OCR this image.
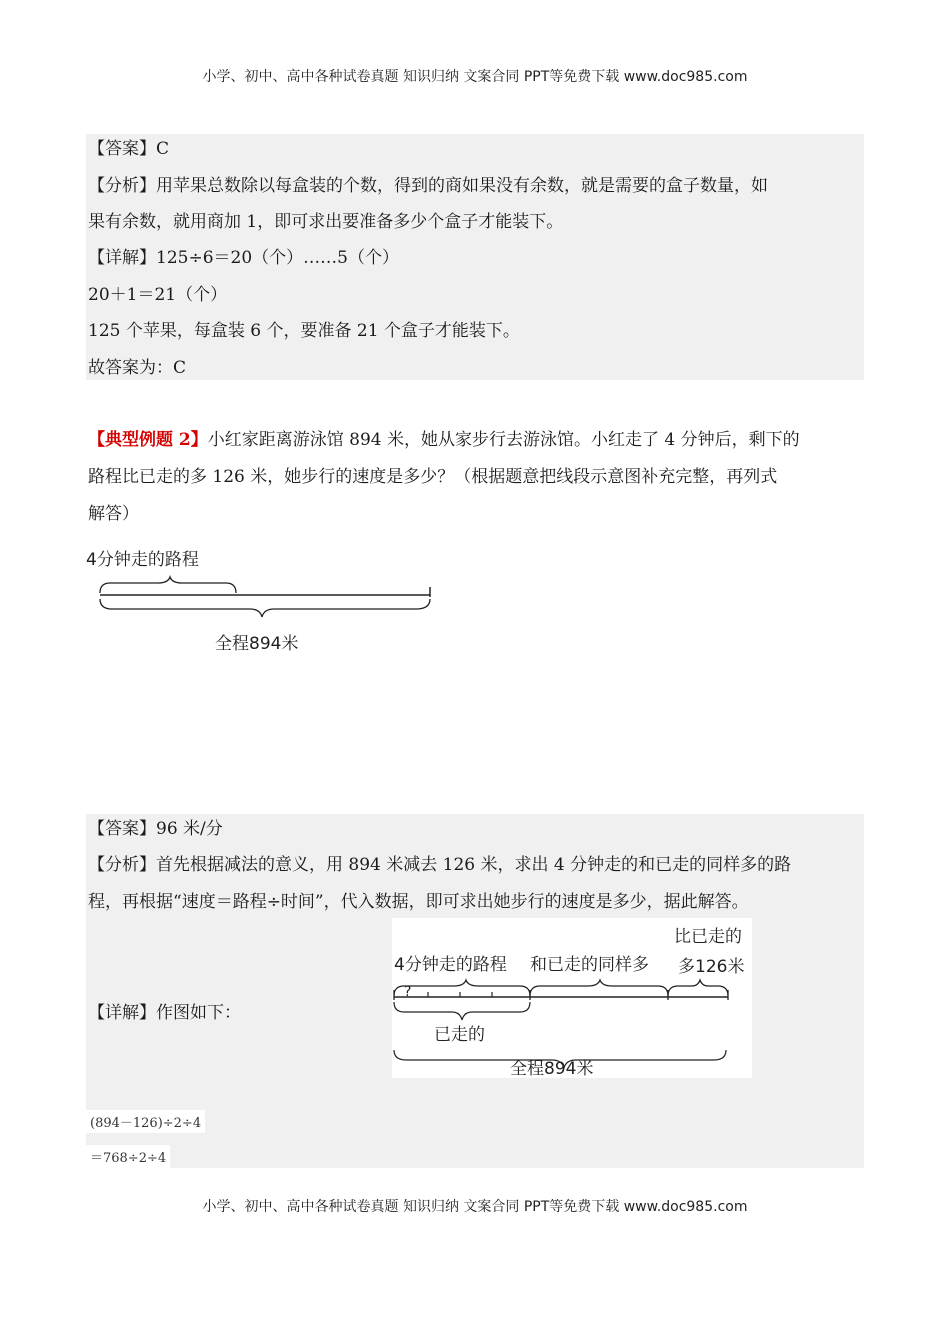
小学、初中、高中各种试卷真题 知识归纳 文案合同 PPT等免费下载 www.doc985.com
【答案】C
【分析】用苹果总数除以每盒装的个数，得到的商如果没有余数，就是需要的盒子数量，如
果有余数，就用商加 1，即可求出要准备多少个盒子才能装下。
【详解】125÷6＝20（个）……5（个）
20＋1＝21（个）
125 个苹果，每盒装 6 个，要准备 21 个盒子才能装下。
故答案为：C
【典型例题 2】小红家距离游泳馆 894 米，她从家步行去游泳馆。小红走了 4 分钟后，剩下的
路程比已走的多 126 米，她步行的速度是多少？（根据题意把线段示意图补充完整，再列式
解答）
4分钟走的路程
全程894米
【答案】96 米/分
【分析】首先根据减法的意义，用 894 米减去 126 米，求出 4 分钟走的和已走的同样多的路
程，再根据“速度＝路程÷时间”，代入数据，即可求出她步行的速度是多少，据此解答。
【详解】作图如下：
比已走的
4分钟走的路程 和已走的同样多 多126米
?
已走的
全程894米
(894－126)÷2÷4
＝768÷2÷4
小学、初中、高中各种试卷真题 知识归纳 文案合同 PPT等免费下载 www.doc985.com
